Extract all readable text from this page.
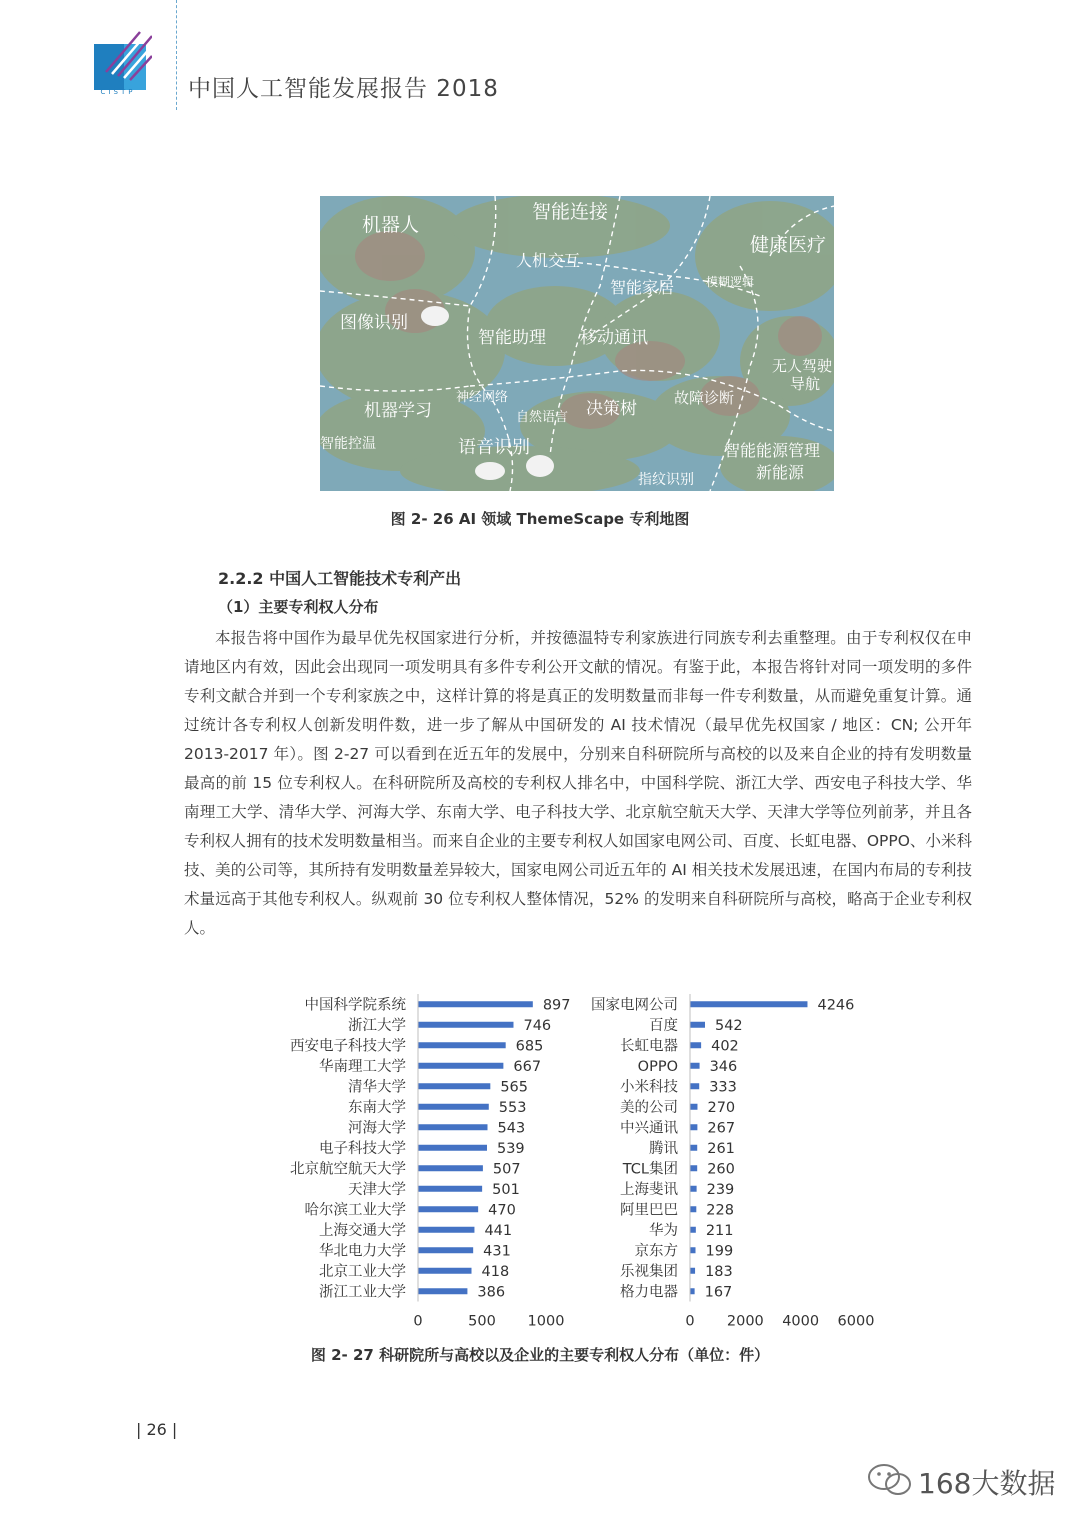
CISTP 中国人工智能发展报告 2018
机器人
智能连接
健康医疗
人机交互
智能家居
图像识别
智能助理 移动通讯
模糊逻辑
无人驾驶
导航
机器学习
神经网络
自然语言 决策树
故障诊断
智能控温	语音识别	智能能源管理
新能源
指纹识别
图 2- 26 AI 领域 ThemeScape 专利地图
2.2.2 中国人工智能技术专利产出
（1）主要专利权人分布
本报告将中国作为最早优先权国家进行分析，并按德温特专利家族进行同族专利去重整理。由于专利权仅在申请地区内有效，因此会出现同一项发明具有多件专利公开文献的情况。有鉴于此，本报告将针对同一项发明的多件专利文献合并到一个专利家族之中，这样计算的将是真正的发明数量而非每一件专利数量，从而避免重复计算。通过统计各专利权人创新发明件数，进一步了解从中国研发的 AI 技术情况（最早优先权国家 / 地区：CN; 公开年 2013-2017 年）。图 2-27 可以看到在近五年的发展中，分别来自科研院所与高校的以及来自企业的持有发明数量最高的前 15 位专利权人。在科研院所及高校的专利权人排名中，中国科学院、浙江大学、西安电子科技大学、华南理工大学、清华大学、河海大学、东南大学、电子科技大学、北京航空航天大学、天津大学等位列前茅，并且各专利权人拥有的技术发明数量相当。而来自企业的主要专利权人如国家电网公司、百度、长虹电器、OPPO、小米科技、美的公司等，其所持有发明数量差异较大，国家电网公司近五年的 AI 相关技术发展迅速，在国内布局的专利技术量远高于其他专利权人。纵观前 30 位专利权人整体情况，52% 的发明来自科研院所与高校，略高于企业专利权人。
中国科学院系统	897
浙江大学	746
西安电子科技大学	685
华南理工大学	667
清华大学	565
东南大学	553
河海大学	543
电子科技大学	539
北京航空航天大学	507
天津大学	501
哈尔滨工业大学	470
上海交通大学	441
华北电力大学	431
北京工业大学	418
浙江工业大学	386
0	500 1000
国家电网公司	4246
百度	542
长虹电器 402
OPPO 346
小米科技 333
美的公司 270
中兴通讯 267
腾讯 261
TCL集团 260
上海斐讯 239
阿里巴巴 228
华为 211
京东方 199
乐视集团 183
格力电器 167
0 2000 4000 6000
图 2- 27 科研院所与高校以及企业的主要专利权人分布（单位：件）
| 26 |
168大数据
